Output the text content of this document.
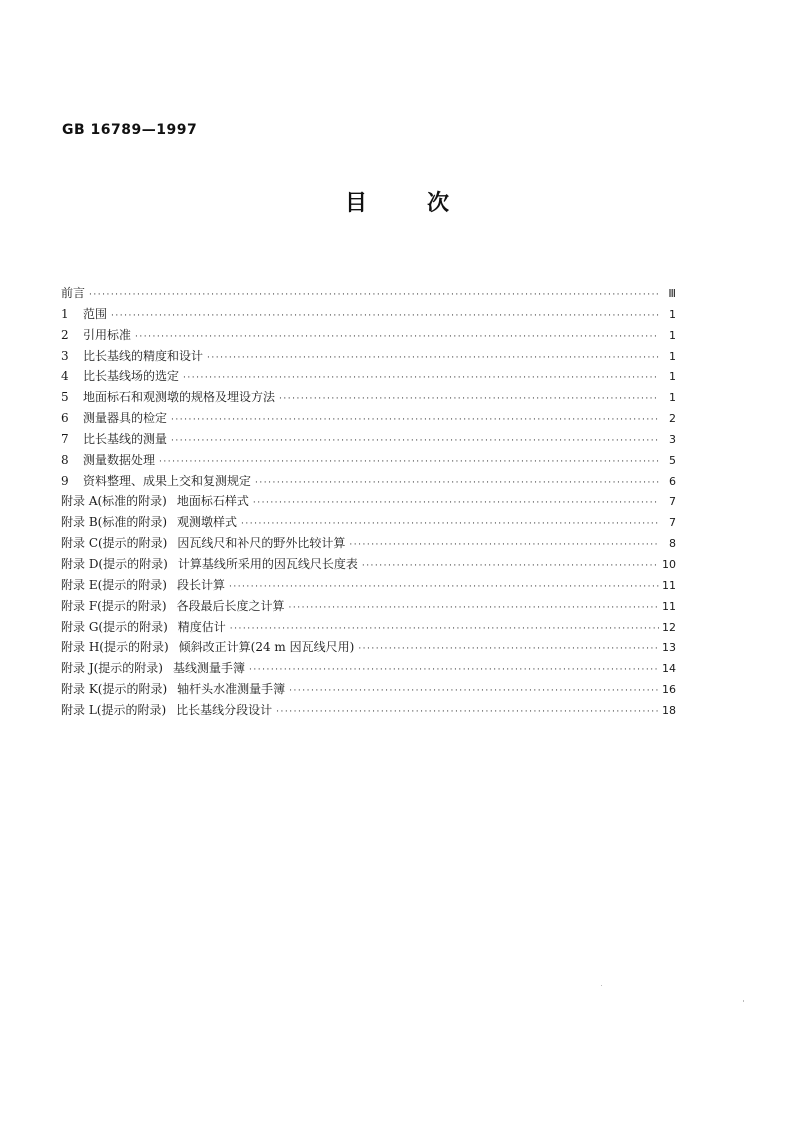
GB 16789—1997
目	次
前言 ·····	Ⅲ
1	范围 ·····	1
2	引用标准 ·····	1
3	比长基线的精度和设计 ·····	1
4	比长基线场的选定 ·····	1
5	地面标石和观测墩的规格及埋设方法 ·····	1
6	测量器具的检定 ·····	2
7	比长基线的测量 ·····	3
8	测量数据处理 ·····	5
9	资料整理、成果上交和复测规定 ·····	6
附录 A(标准的附录) 地面标石样式 ·····	7
附录 B(标准的附录) 观测墩样式 ·····	7
附录 C(提示的附录) 因瓦线尺和补尺的野外比较计算 ·····	8
附录 D(提示的附录) 计算基线所采用的因瓦线尺长度表 ·····	10
附录 E(提示的附录) 段长计算 ·····	11
附录 F(提示的附录) 各段最后长度之计算 ·····	11
附录 G(提示的附录) 精度估计 ·····	12
附录 H(提示的附录) 倾斜改正计算(24 m 因瓦线尺用) ·····	13
附录 J(提示的附录) 基线测量手簿 ·····	14
附录 K(提示的附录) 轴杆头水准测量手簿 ·····	16
附录 L(提示的附录) 比长基线分段设计 ·····	18
